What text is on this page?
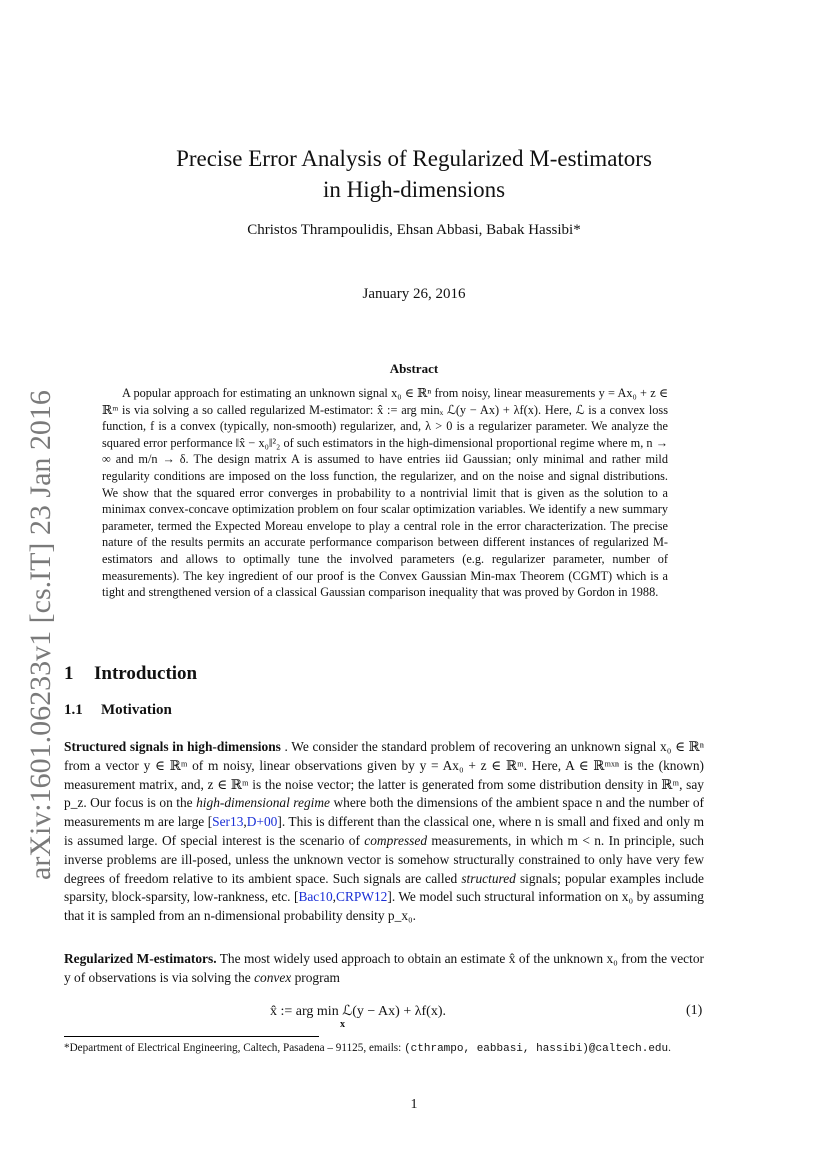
arXiv:1601.06233v1 [cs.IT] 23 Jan 2016
Precise Error Analysis of Regularized M-estimators
in High-dimensions
Christos Thrampoulidis, Ehsan Abbasi, Babak Hassibi*
January 26, 2016
Abstract
A popular approach for estimating an unknown signal x₀ ∈ ℝⁿ from noisy, linear measurements y = Ax₀ + z ∈ ℝᵐ is via solving a so called regularized M-estimator: x̂ := arg minₓ ℒ(y − Ax) + λf(x). Here, ℒ is a convex loss function, f is a convex (typically, non-smooth) regularizer, and, λ > 0 is a regularizer parameter. We analyze the squared error performance ‖x̂ − x₀‖²₂ of such estimators in the high-dimensional proportional regime where m, n → ∞ and m/n → δ. The design matrix A is assumed to have entries iid Gaussian; only minimal and rather mild regularity conditions are imposed on the loss function, the regularizer, and on the noise and signal distributions. We show that the squared error converges in probability to a nontrivial limit that is given as the solution to a minimax convex-concave optimization problem on four scalar optimization variables. We identify a new summary parameter, termed the Expected Moreau envelope to play a central role in the error characterization. The precise nature of the results permits an accurate performance comparison between different instances of regularized M-estimators and allows to optimally tune the involved parameters (e.g. regularizer parameter, number of measurements). The key ingredient of our proof is the Convex Gaussian Min-max Theorem (CGMT) which is a tight and strengthened version of a classical Gaussian comparison inequality that was proved by Gordon in 1988.
1 Introduction
1.1 Motivation
Structured signals in high-dimensions . We consider the standard problem of recovering an unknown signal x₀ ∈ ℝⁿ from a vector y ∈ ℝᵐ of m noisy, linear observations given by y = Ax₀ + z ∈ ℝᵐ. Here, A ∈ ℝᵐˣⁿ is the (known) measurement matrix, and, z ∈ ℝᵐ is the noise vector; the latter is generated from some distribution density in ℝᵐ, say p_z. Our focus is on the high-dimensional regime where both the dimensions of the ambient space n and the number of measurements m are large [Ser13,D+00]. This is different than the classical one, where n is small and fixed and only m is assumed large. Of special interest is the scenario of compressed measurements, in which m < n. In principle, such inverse problems are ill-posed, unless the unknown vector is somehow structurally constrained to only have very few degrees of freedom relative to its ambient space. Such signals are called structured signals; popular examples include sparsity, block-sparsity, low-rankness, etc. [Bac10,CRPW12]. We model such structural information on x₀ by assuming that it is sampled from an n-dimensional probability density p_x₀.
Regularized M-estimators. The most widely used approach to obtain an estimate x̂ of the unknown x₀ from the vector y of observations is via solving the convex program
x̂ := arg min ℒ(y − Ax) + λf(x).
x
(1)
*Department of Electrical Engineering, Caltech, Pasadena – 91125, emails: (cthrampo, eabbasi, hassibi)@caltech.edu.
1
